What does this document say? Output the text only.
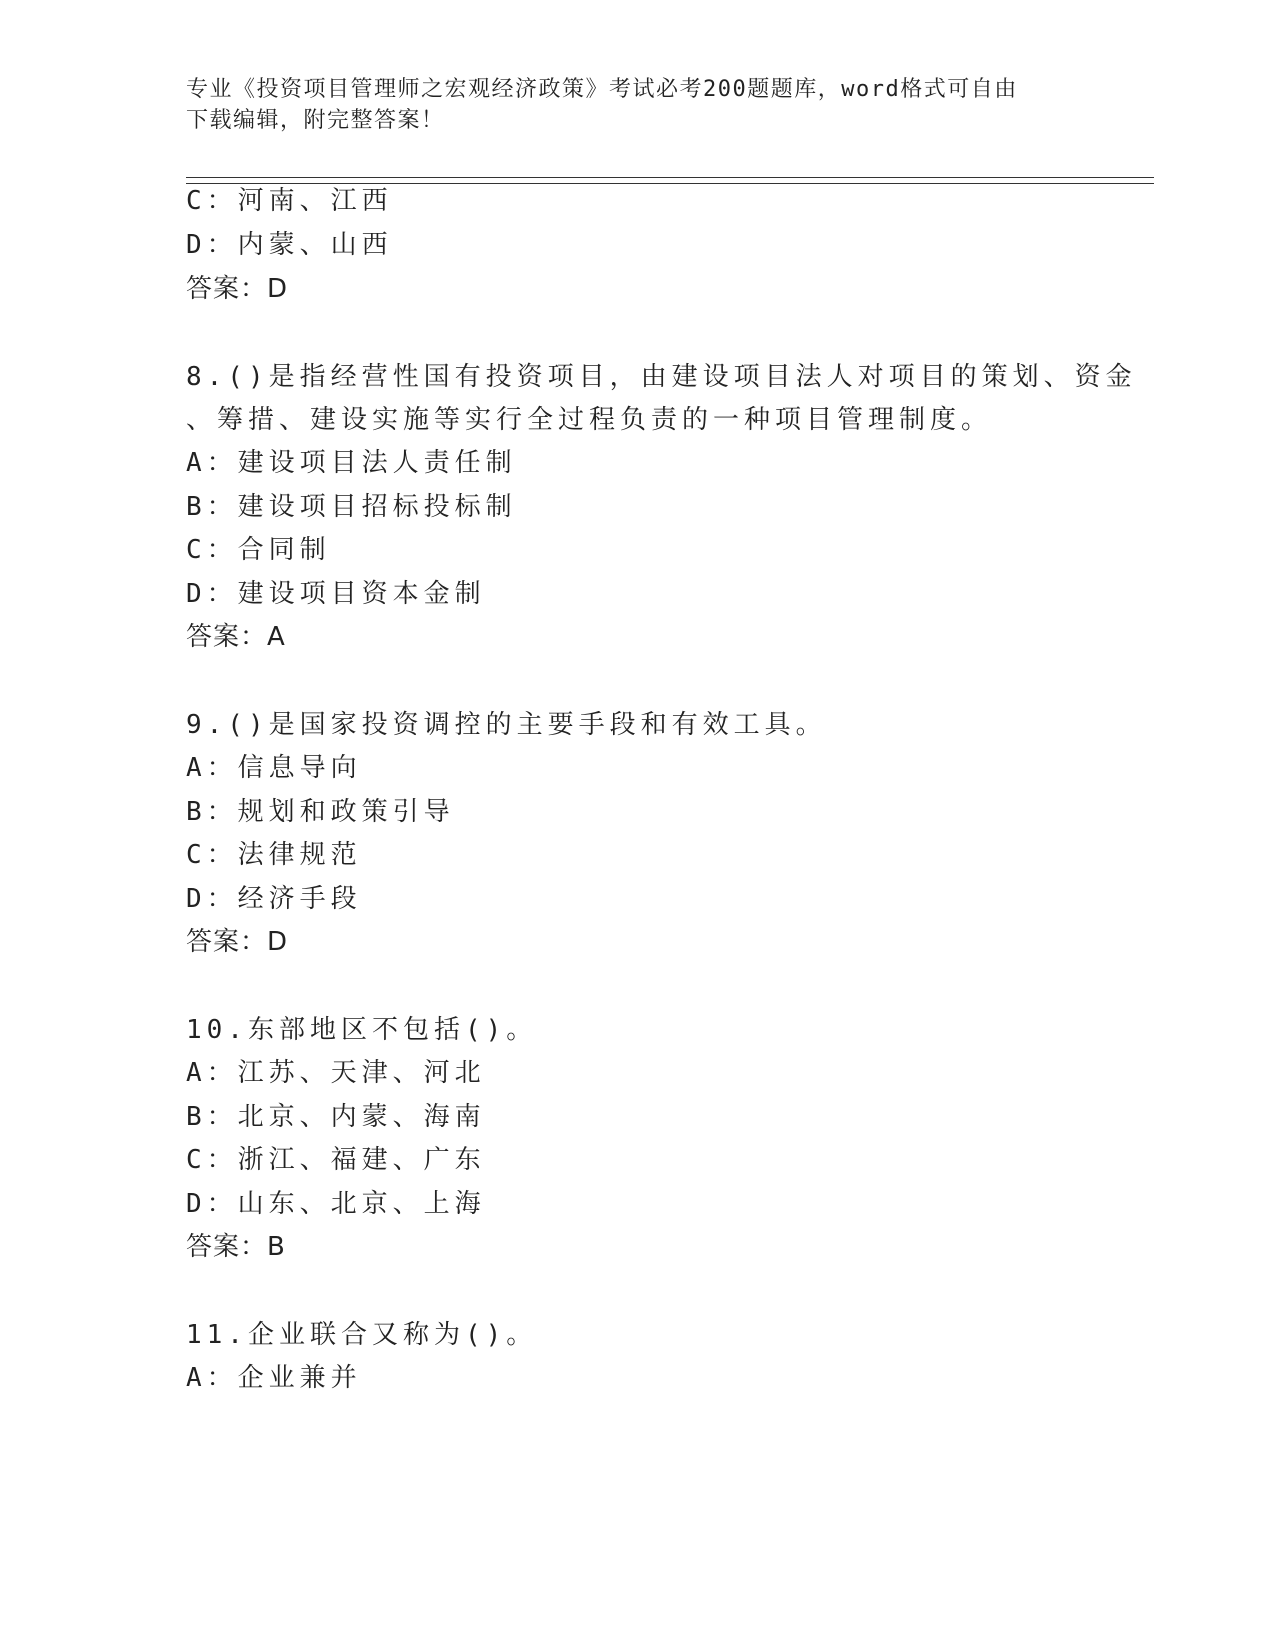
专业《投资项目管理师之宏观经济政策》考试必考200题题库，word格式可自由
下载编辑，附完整答案！
C：河南、江西
D：内蒙、山西
答案：D
8.()是指经营性国有投资项目，由建设项目法人对项目的策划、资金
、筹措、建设实施等实行全过程负责的一种项目管理制度。
A：建设项目法人责任制
B：建设项目招标投标制
C：合同制
D：建设项目资本金制
答案：A
9.()是国家投资调控的主要手段和有效工具。
A：信息导向
B：规划和政策引导
C：法律规范
D：经济手段
答案：D
10.东部地区不包括()。
A：江苏、天津、河北
B：北京、内蒙、海南
C：浙江、福建、广东
D：山东、北京、上海
答案：B
11.企业联合又称为()。
A：企业兼并
